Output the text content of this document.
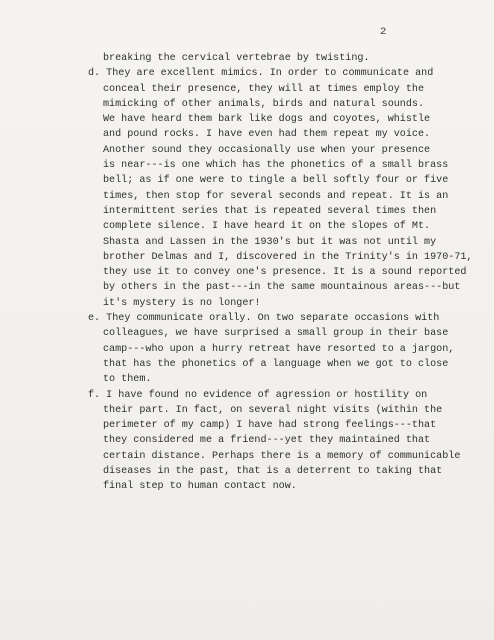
2
breaking the cervical vertebrae by twisting.
d. They are excellent mimics. In order to communicate and
conceal their presence, they will at times employ the
mimicking of other animals, birds and natural sounds.
We have heard them bark like dogs and coyotes, whistle
and pound rocks. I have even had them repeat my voice.
Another sound they occasionally use when your presence
is near---is one which has the phonetics of a small brass
bell; as if one were to tingle a bell softly four or five
times, then stop for several seconds and repeat. It is an
intermittent series that is repeated several times then
complete silence. I have heard it on the slopes of Mt.
Shasta and Lassen in the 1930's but it was not until my
brother Delmas and I, discovered in the Trinity's in 1970-71,
they use it to convey one's presence. It is a sound reported
by others in the past---in the same mountainous areas---but
it's mystery is no longer!
e. They communicate orally. On two separate occasions with
colleagues, we have surprised a small group in their base
camp---who upon a hurry retreat have resorted to a jargon,
that has the phonetics of a language when we got to close
to them.
f. I have found no evidence of agression or hostility on
their part. In fact, on several night visits (within the
perimeter of my camp) I have had strong feelings---that
they considered me a friend---yet they maintained that
certain distance. Perhaps there is a memory of communicable
diseases in the past, that is a deterrent to taking that
final step to human contact now.
